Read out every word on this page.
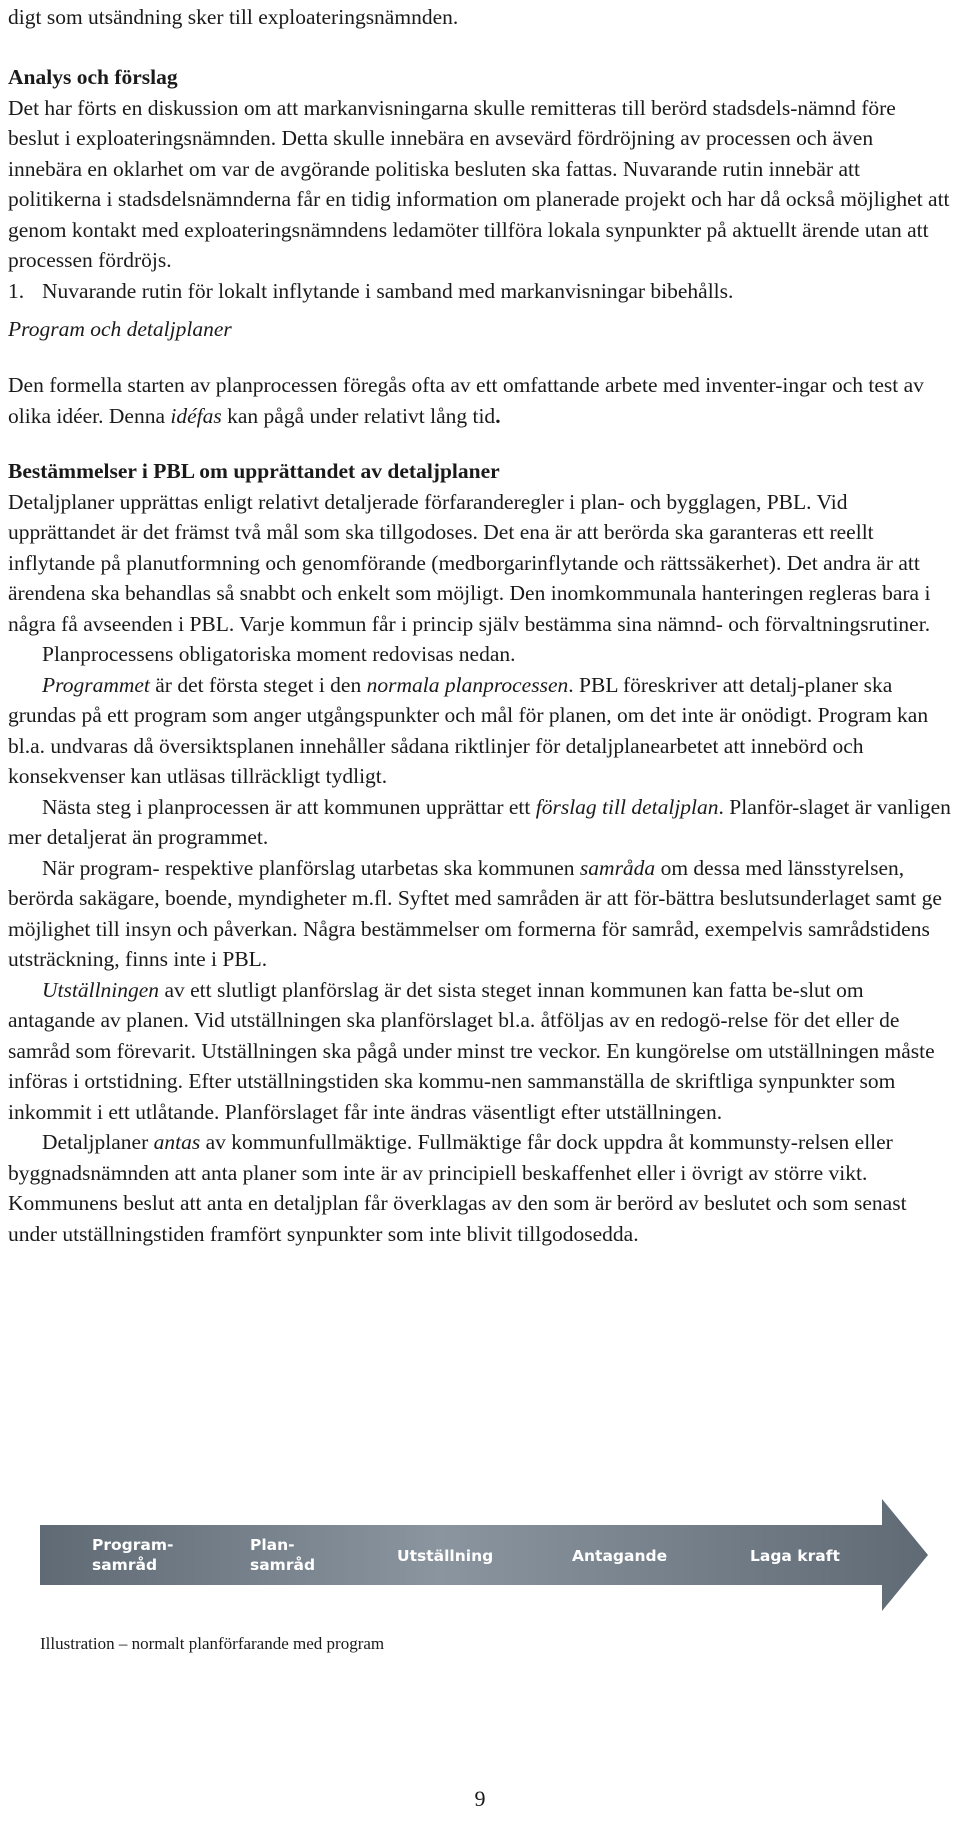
digt som utsändning sker till exploateringsnämnden.

Analys och förslag

Det har förts en diskussion om att markanvisningarna skulle remitteras till berörd stadsdels-nämnd före beslut i exploateringsnämnden. Detta skulle innebära en avsevärd fördröjning av processen och även innebära en oklarhet om var de avgörande politiska besluten ska fattas. Nuvarande rutin innebär att politikerna i stadsdelsnämnderna får en tidig information om planerade projekt och har då också möjlighet att genom kontakt med exploateringsnämndens ledamöter tillföra lokala synpunkter på aktuellt ärende utan att processen fördröjs.

1. Nuvarande rutin för lokalt inflytande i samband med markanvisningar bibehålls.

Program och detaljplaner

Den formella starten av planprocessen föregås ofta av ett omfattande arbete med inventer-ingar och test av olika idéer. Denna idéfas kan pågå under relativt lång tid.

Bestämmelser i PBL om upprättandet av detaljplaner

Detaljplaner upprättas enligt relativt detaljerade förfaranderegler i plan- och bygglagen, PBL. Vid upprättandet är det främst två mål som ska tillgodoses. Det ena är att berörda ska garanteras ett reellt inflytande på planutformning och genomförande (medborgarinflytande och rättssäkerhet). Det andra är att ärendena ska behandlas så snabbt och enkelt som möjligt. Den inomkommunala hanteringen regleras bara i några få avseenden i PBL. Varje kommun får i princip själv bestämma sina nämnd- och förvaltningsrutiner.

Planprocessens obligatoriska moment redovisas nedan.

Programmet är det första steget i den normala planprocessen. PBL föreskriver att detalj-planer ska grundas på ett program som anger utgångspunkter och mål för planen, om det inte är onödigt. Program kan bl.a. undvaras då översiktsplanen innehåller sådana riktlinjer för detaljplanearbetet att innebörd och konsekvenser kan utläsas tillräckligt tydligt.

Nästa steg i planprocessen är att kommunen upprättar ett förslag till detaljplan. Planför-slaget är vanligen mer detaljerat än programmet.

När program- respektive planförslag utarbetas ska kommunen samråda om dessa med länsstyrelsen, berörda sakägare, boende, myndigheter m.fl. Syftet med samråden är att för-bättra beslutsunderlaget samt ge möjlighet till insyn och påverkan. Några bestämmelser om formerna för samråd, exempelvis samrådstidens utsträckning, finns inte i PBL.

Utställningen av ett slutligt planförslag är det sista steget innan kommunen kan fatta be-slut om antagande av planen. Vid utställningen ska planförslaget bl.a. åtföljas av en redogö-relse för det eller de samråd som förevarit. Utställningen ska pågå under minst tre veckor. En kungörelse om utställningen måste införas i ortstidning. Efter utställningstiden ska kommu-nen sammanställa de skriftliga synpunkter som inkommit i ett utlåtande. Planförslaget får inte ändras väsentligt efter utställningen.

Detaljplaner antas av kommunfullmäktige. Fullmäktige får dock uppdra åt kommunsty-relsen eller byggnadsnämnden att anta planer som inte är av principiell beskaffenhet eller i övrigt av större vikt. Kommunens beslut att anta en detaljplan får överklagas av den som är berörd av beslutet och som senast under utställningstiden framfört synpunkter som inte blivit tillgodosedda.

Program-
samråd
Plan-
samråd	Utställning	Antagande	Laga kraft
Illustration – normalt planförfarande med program
9
